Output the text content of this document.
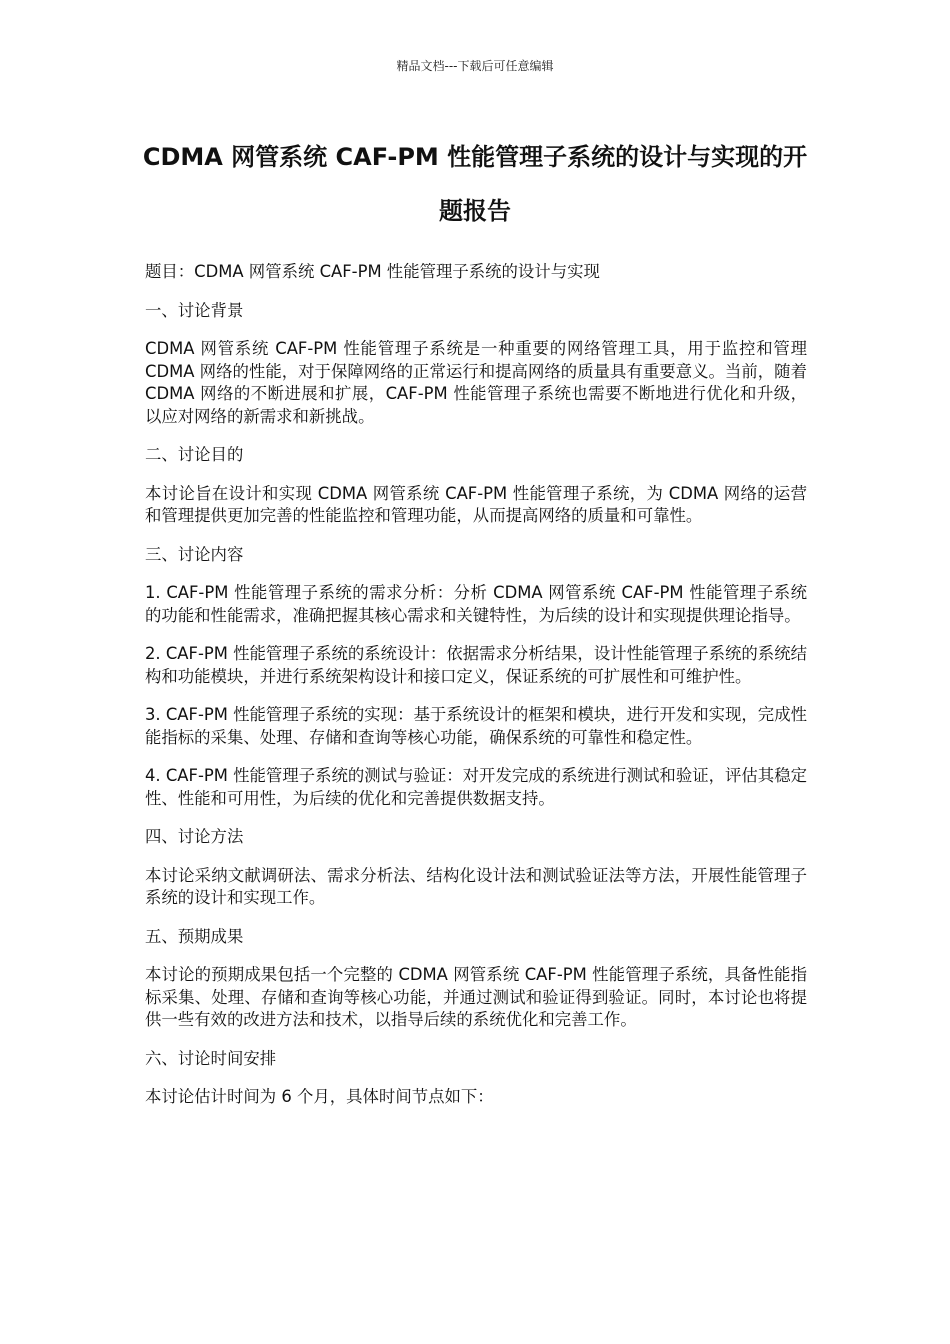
精品文档---下载后可任意编辑
CDMA 网管系统 CAF-PM 性能管理子系统的设计与实现的开题报告

题目：CDMA 网管系统 CAF-PM 性能管理子系统的设计与实现

一、讨论背景

CDMA 网管系统 CAF-PM 性能管理子系统是一种重要的网络管理工具，用于监控和管理 CDMA 网络的性能，对于保障网络的正常运行和提高网络的质量具有重要意义。当前，随着 CDMA 网络的不断进展和扩展，CAF-PM 性能管理子系统也需要不断地进行优化和升级，以应对网络的新需求和新挑战。

二、讨论目的

本讨论旨在设计和实现 CDMA 网管系统 CAF-PM 性能管理子系统，为 CDMA 网络的运营和管理提供更加完善的性能监控和管理功能，从而提高网络的质量和可靠性。

三、讨论内容

1. CAF-PM 性能管理子系统的需求分析：分析 CDMA 网管系统 CAF-PM 性能管理子系统的功能和性能需求，准确把握其核心需求和关键特性，为后续的设计和实现提供理论指导。

2. CAF-PM 性能管理子系统的系统设计：依据需求分析结果，设计性能管理子系统的系统结构和功能模块，并进行系统架构设计和接口定义，保证系统的可扩展性和可维护性。

3. CAF-PM 性能管理子系统的实现：基于系统设计的框架和模块，进行开发和实现，完成性能指标的采集、处理、存储和查询等核心功能，确保系统的可靠性和稳定性。

4. CAF-PM 性能管理子系统的测试与验证：对开发完成的系统进行测试和验证，评估其稳定性、性能和可用性，为后续的优化和完善提供数据支持。

四、讨论方法

本讨论采纳文献调研法、需求分析法、结构化设计法和测试验证法等方法，开展性能管理子系统的设计和实现工作。

五、预期成果

本讨论的预期成果包括一个完整的 CDMA 网管系统 CAF-PM 性能管理子系统，具备性能指标采集、处理、存储和查询等核心功能，并通过测试和验证得到验证。同时，本讨论也将提供一些有效的改进方法和技术，以指导后续的系统优化和完善工作。

六、讨论时间安排

本讨论估计时间为 6 个月，具体时间节点如下：
